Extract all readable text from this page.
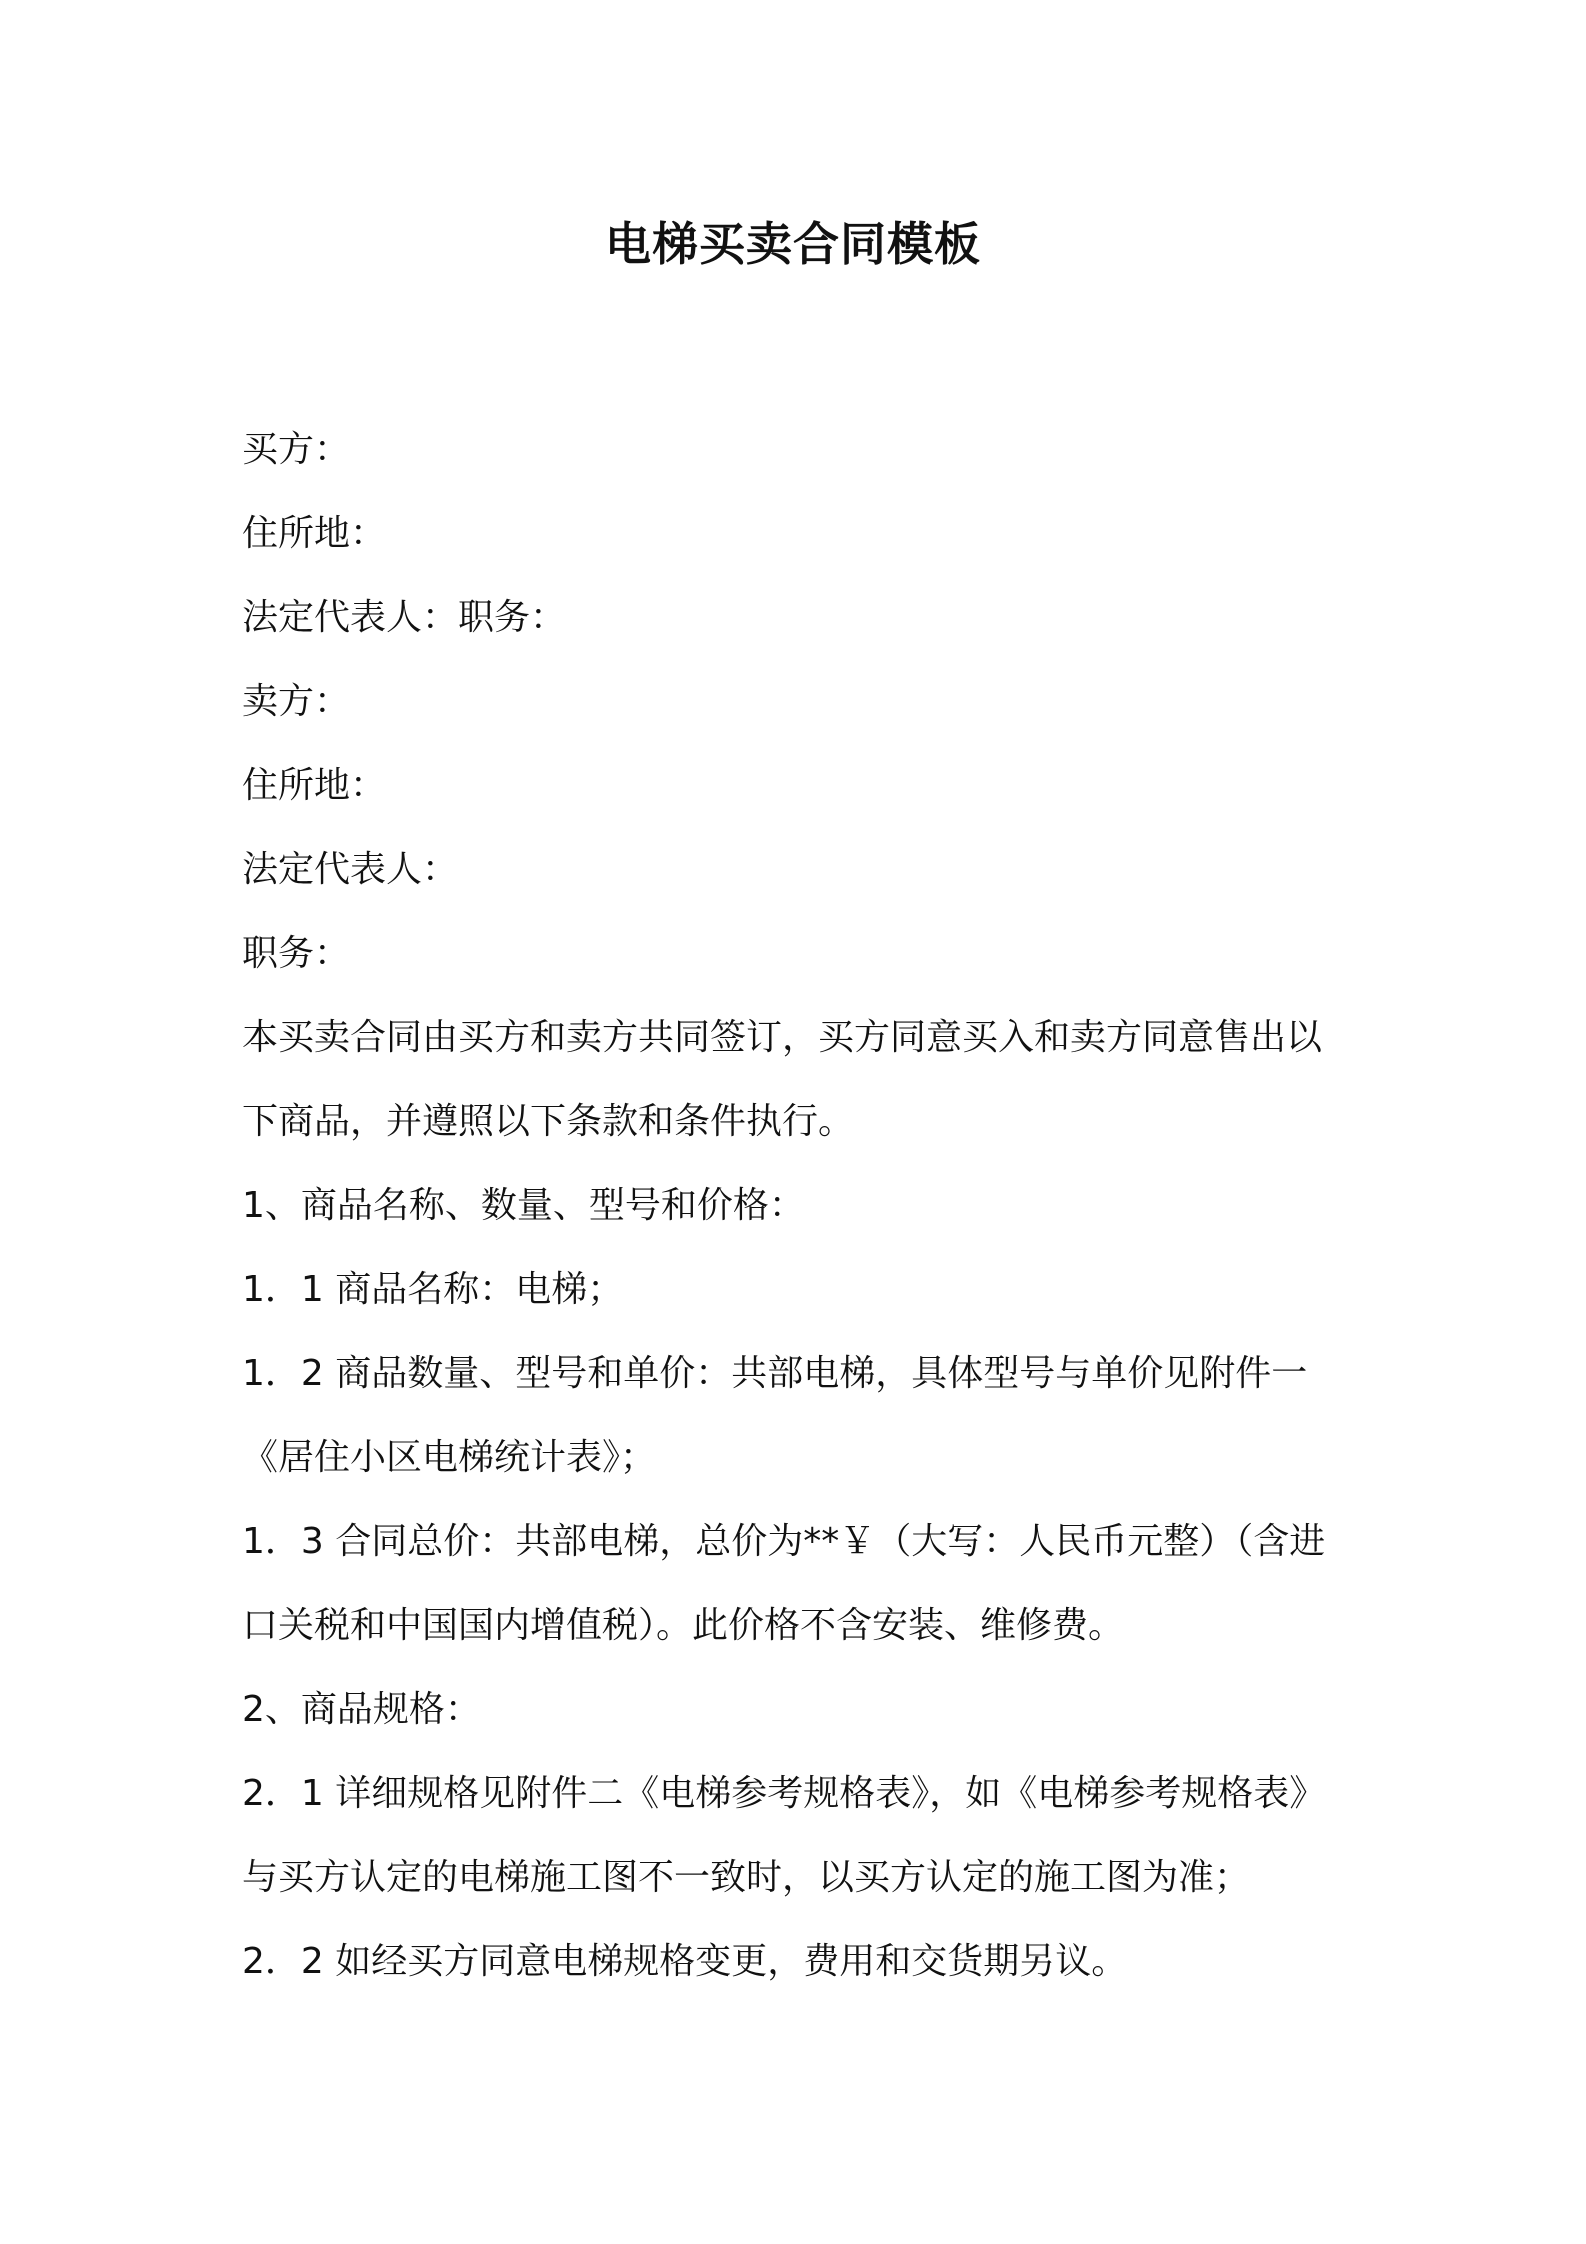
电梯买卖合同模板

买方：

住所地：

法定代表人：职务：

卖方：

住所地：

法定代表人：

职务：

本买卖合同由买方和卖方共同签订，买方同意买入和卖方同意售出以

下商品，并遵照以下条款和条件执行。

1、商品名称、数量、型号和价格：

1．1 商品名称：电梯；

1．2 商品数量、型号和单价：共部电梯，具体型号与单价见附件一

《居住小区电梯统计表》；

1．3 合同总价：共部电梯，总价为**￥（大写：人民币元整）（含进

口关税和中国国内增值税）。此价格不含安装、维修费。

2、商品规格：

2．1 详细规格见附件二《电梯参考规格表》，如《电梯参考规格表》

与买方认定的电梯施工图不一致时，以买方认定的施工图为准；

2．2 如经买方同意电梯规格变更，费用和交货期另议。
